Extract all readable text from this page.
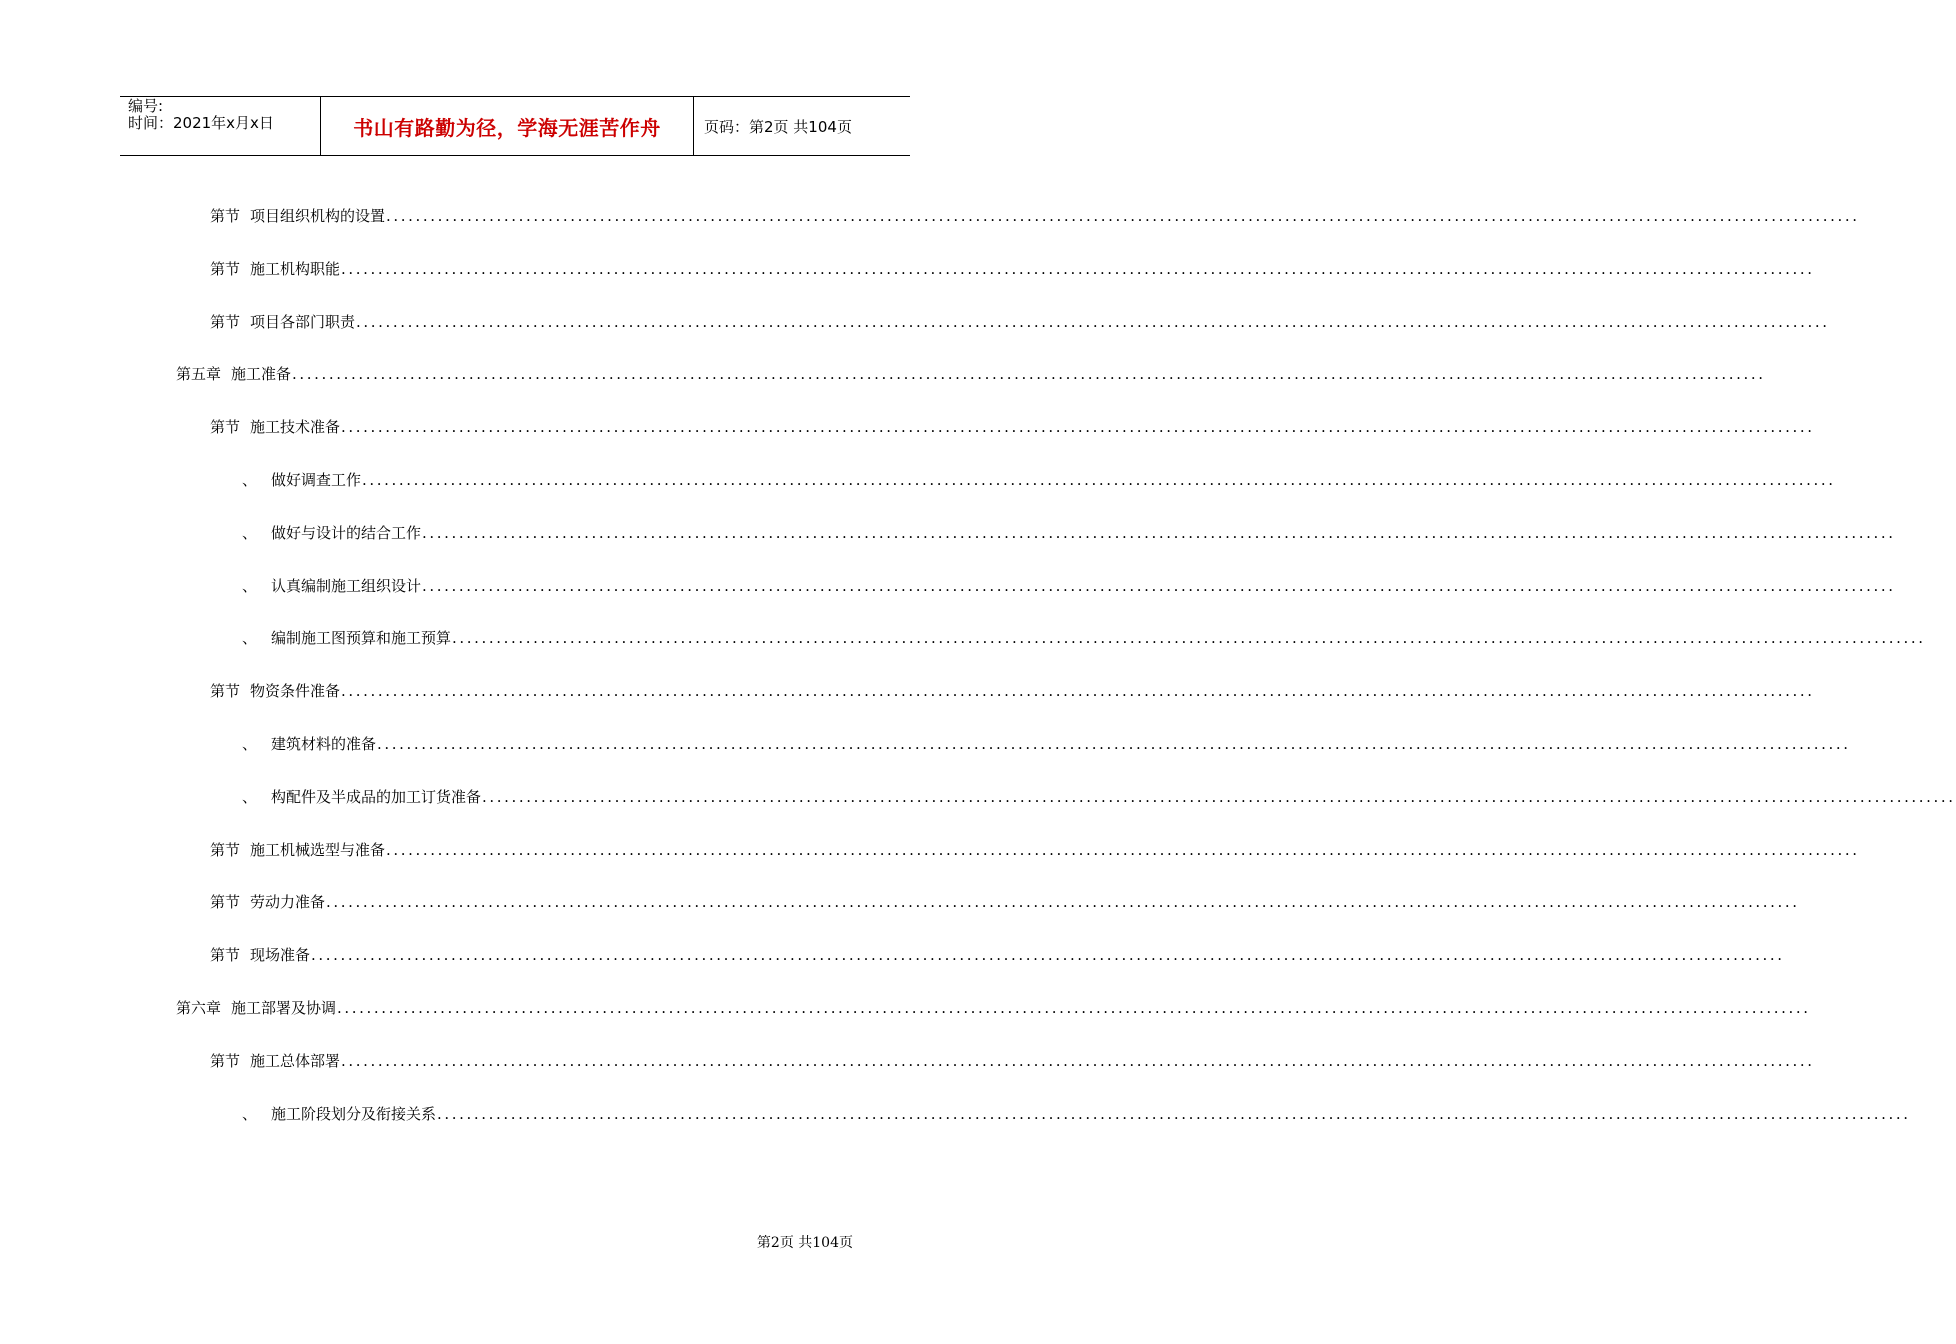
编号:
时间：2021年x月x日	书山有路勤为径，学海无涯苦作舟	页码：第2页 共104页
第节 项目组织机构的设置 ........................................................................................................................................................................................................
第节 施工机构职能 ........................................................................................................................................................................................................
第节 项目各部门职责 ........................................................................................................................................................................................................
第五章 施工准备 ........................................................................................................................................................................................................
第节 施工技术准备 ........................................................................................................................................................................................................
、 做好调查工作 ........................................................................................................................................................................................................
、 做好与设计的结合工作 ........................................................................................................................................................................................................
、 认真编制施工组织设计 ........................................................................................................................................................................................................
、 编制施工图预算和施工预算 ........................................................................................................................................................................................................
第节 物资条件准备 ........................................................................................................................................................................................................
、 建筑材料的准备 ........................................................................................................................................................................................................
、 构配件及半成品的加工订货准备 ........................................................................................................................................................................................................
第节 施工机械选型与准备 ........................................................................................................................................................................................................
第节 劳动力准备 ........................................................................................................................................................................................................
第节 现场准备 ........................................................................................................................................................................................................
第六章 施工部署及协调 ........................................................................................................................................................................................................
第节 施工总体部署 ........................................................................................................................................................................................................
、 施工阶段划分及衔接关系 ........................................................................................................................................................................................................
第2页 共104页
